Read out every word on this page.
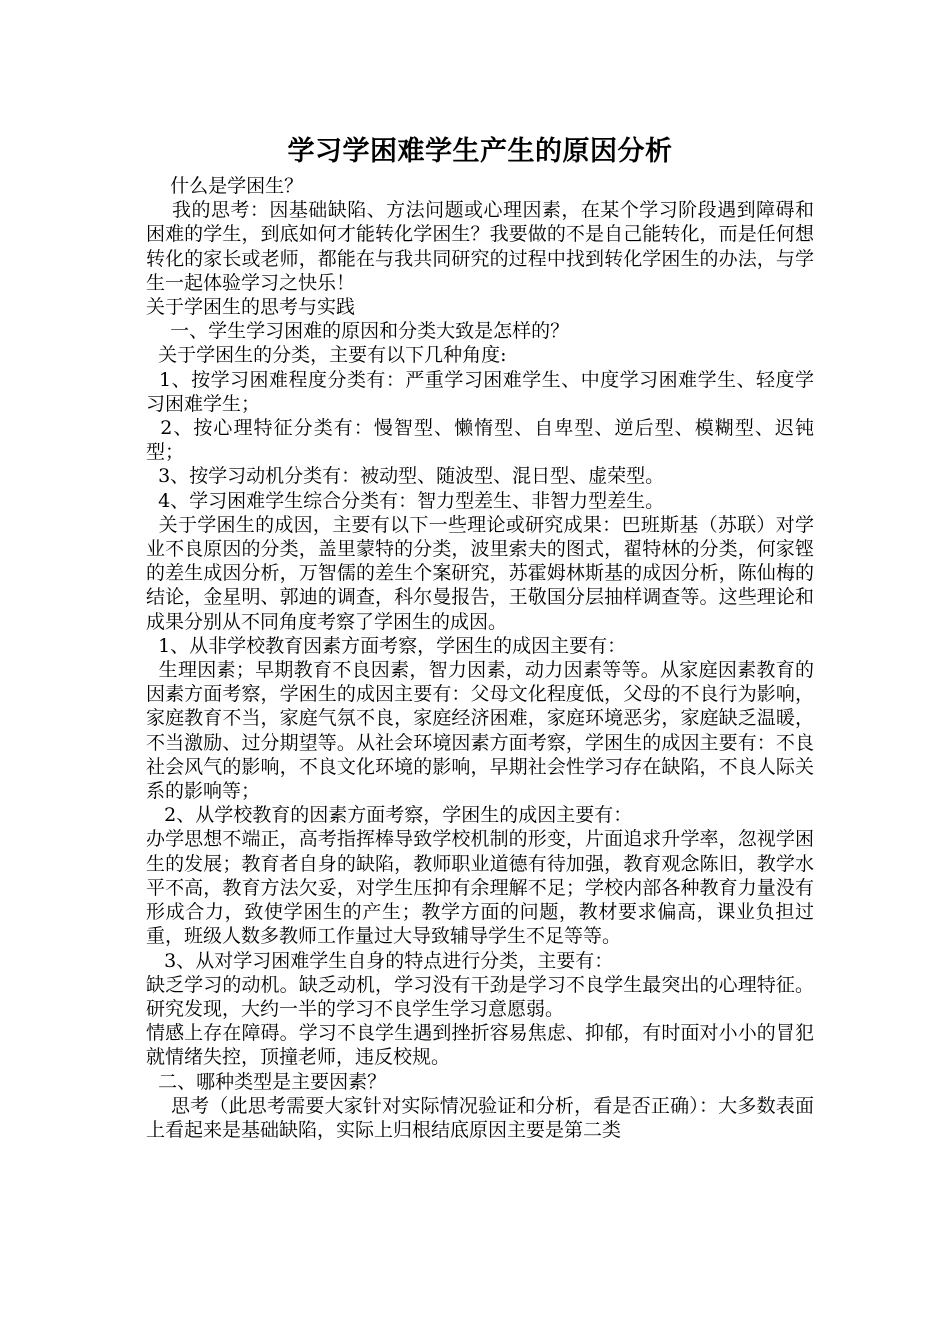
学习学困难学生产生的原因分析

什么是学困生？

我的思考：因基础缺陷、方法问题或心理因素，在某个学习阶段遇到障碍和困难的学生，到底如何才能转化学困生？我要做的不是自己能转化，而是任何想转化的家长或老师，都能在与我共同研究的过程中找到转化学困生的办法，与学生一起体验学习之快乐！

关于学困生的思考与实践

一、学生学习困难的原因和分类大致是怎样的？

关于学困生的分类，主要有以下几种角度:

1、按学习困难程度分类有：严重学习困难学生、中度学习困难学生、轻度学习困难学生；

2、按心理特征分类有：慢智型、懒惰型、自卑型、逆后型、模糊型、迟钝型；

3、按学习动机分类有：被动型、随波型、混日型、虚荣型。

4、学习困难学生综合分类有：智力型差生、非智力型差生。

关于学困生的成因，主要有以下一些理论或研究成果：巴班斯基（苏联）对学业不良原因的分类，盖里蒙特的分类，波里索夫的图式，翟特林的分类，何家铿的差生成因分析，万智儒的差生个案研究，苏霍姆林斯基的成因分析，陈仙梅的结论，金星明、郭迪的调查，科尔曼报告，王敬国分层抽样调查等。这些理论和成果分别从不同角度考察了学困生的成因。

1、从非学校教育因素方面考察，学困生的成因主要有：

生理因素；早期教育不良因素，智力因素，动力因素等等。从家庭因素教育的因素方面考察，学困生的成因主要有：父母文化程度低，父母的不良行为影响，家庭教育不当，家庭气氛不良，家庭经济困难，家庭环境恶劣，家庭缺乏温暖，不当激励、过分期望等。从社会环境因素方面考察，学困生的成因主要有：不良社会风气的影响，不良文化环境的影响，早期社会性学习存在缺陷，不良人际关系的影响等；

2、从学校教育的因素方面考察，学困生的成因主要有：

办学思想不端正，高考指挥棒导致学校机制的形变，片面追求升学率，忽视学困生的发展；教育者自身的缺陷，教师职业道德有待加强，教育观念陈旧，教学水平不高，教育方法欠妥，对学生压抑有余理解不足；学校内部各种教育力量没有形成合力，致使学困生的产生；教学方面的问题，教材要求偏高，课业负担过重，班级人数多教师工作量过大导致辅导学生不足等等。

3、从对学习困难学生自身的特点进行分类，主要有：

缺乏学习的动机。缺乏动机，学习没有干劲是学习不良学生最突出的心理特征。研究发现，大约一半的学习不良学生学习意愿弱。

情感上存在障碍。学习不良学生遇到挫折容易焦虑、抑郁，有时面对小小的冒犯就情绪失控，顶撞老师，违反校规。

二、哪种类型是主要因素？

思考（此思考需要大家针对实际情况验证和分析，看是否正确）：大多数表面上看起来是基础缺陷，实际上归根结底原因主要是第二类
